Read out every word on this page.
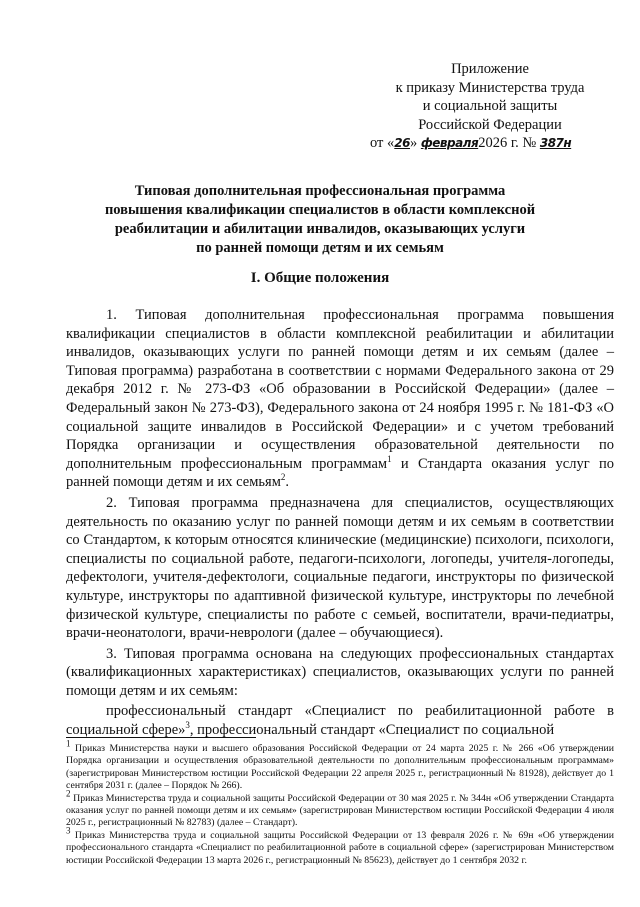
Приложение
к приказу Министерства труда
и социальной защиты
Российской Федерации
от «26» февраля2026 г. № 387н
Типовая дополнительная профессиональная программа
повышения квалификации специалистов в области комплексной
реабилитации и абилитации инвалидов, оказывающих услуги
по ранней помощи детям и их семьям
I. Общие положения

1. Типовая дополнительная профессиональная программа повышения квалификации специалистов в области комплексной реабилитации и абилитации инвалидов, оказывающих услуги по ранней помощи детям и их семьям (далее – Типовая программа) разработана в соответствии с нормами Федерального закона от 29 декабря 2012 г. № 273-ФЗ «Об образовании в Российской Федерации» (далее – Федеральный закон № 273-ФЗ), Федерального закона от 24 ноября 1995 г. № 181-ФЗ «О социальной защите инвалидов в Российской Федерации» и с учетом требований Порядка организации и осуществления образовательной деятельности по дополнительным профессиональным программам$^1$ и Стандарта оказания услуг по ранней помощи детям и их семьям$^2$.

2. Типовая программа предназначена для специалистов, осуществляющих деятельность по оказанию услуг по ранней помощи детям и их семьям в соответствии со Стандартом, к которым относятся клинические (медицинские) психологи, психологи, специалисты по социальной работе, педагоги-психологи, логопеды, учителя-логопеды, дефектологи, учителя-дефектологи, социальные педагоги, инструкторы по физической культуре, инструкторы по адаптивной физической культуре, инструкторы по лечебной физической культуре, специалисты по работе с семьей, воспитатели, врачи-педиатры, врачи-неонатологи, врачи-неврологи (далее – обучающиеся).

3. Типовая программа основана на следующих профессиональных стандартах (квалификационных характеристиках) специалистов, оказывающих услуги по ранней помощи детям и их семьям:

профессиональный стандарт «Специалист по реабилитационной работе в социальной сфере»$^3$, профессиональный стандарт «Специалист по социальной

$^1$ Приказ Министерства науки и высшего образования Российской Федерации от 24 марта 2025 г. № 266 «Об утверждении Порядка организации и осуществления образовательной деятельности по дополнительным профессиональным программам» (зарегистрирован Министерством юстиции Российской Федерации 22 апреля 2025 г., регистрационный № 81928), действует до 1 сентября 2031 г. (далее – Порядок № 266).

$^2$ Приказ Министерства труда и социальной защиты Российской Федерации от 30 мая 2025 г. № 344н «Об утверждении Стандарта оказания услуг по ранней помощи детям и их семьям» (зарегистрирован Министерством юстиции Российской Федерации 4 июля 2025 г., регистрационный № 82783) (далее – Стандарт).

$^3$ Приказ Министерства труда и социальной защиты Российской Федерации от 13 февраля 2026 г. № 69н «Об утверждении профессионального стандарта «Специалист по реабилитационной работе в социальной сфере» (зарегистрирован Министерством юстиции Российской Федерации 13 марта 2026 г., регистрационный № 85623), действует до 1 сентября 2032 г.
